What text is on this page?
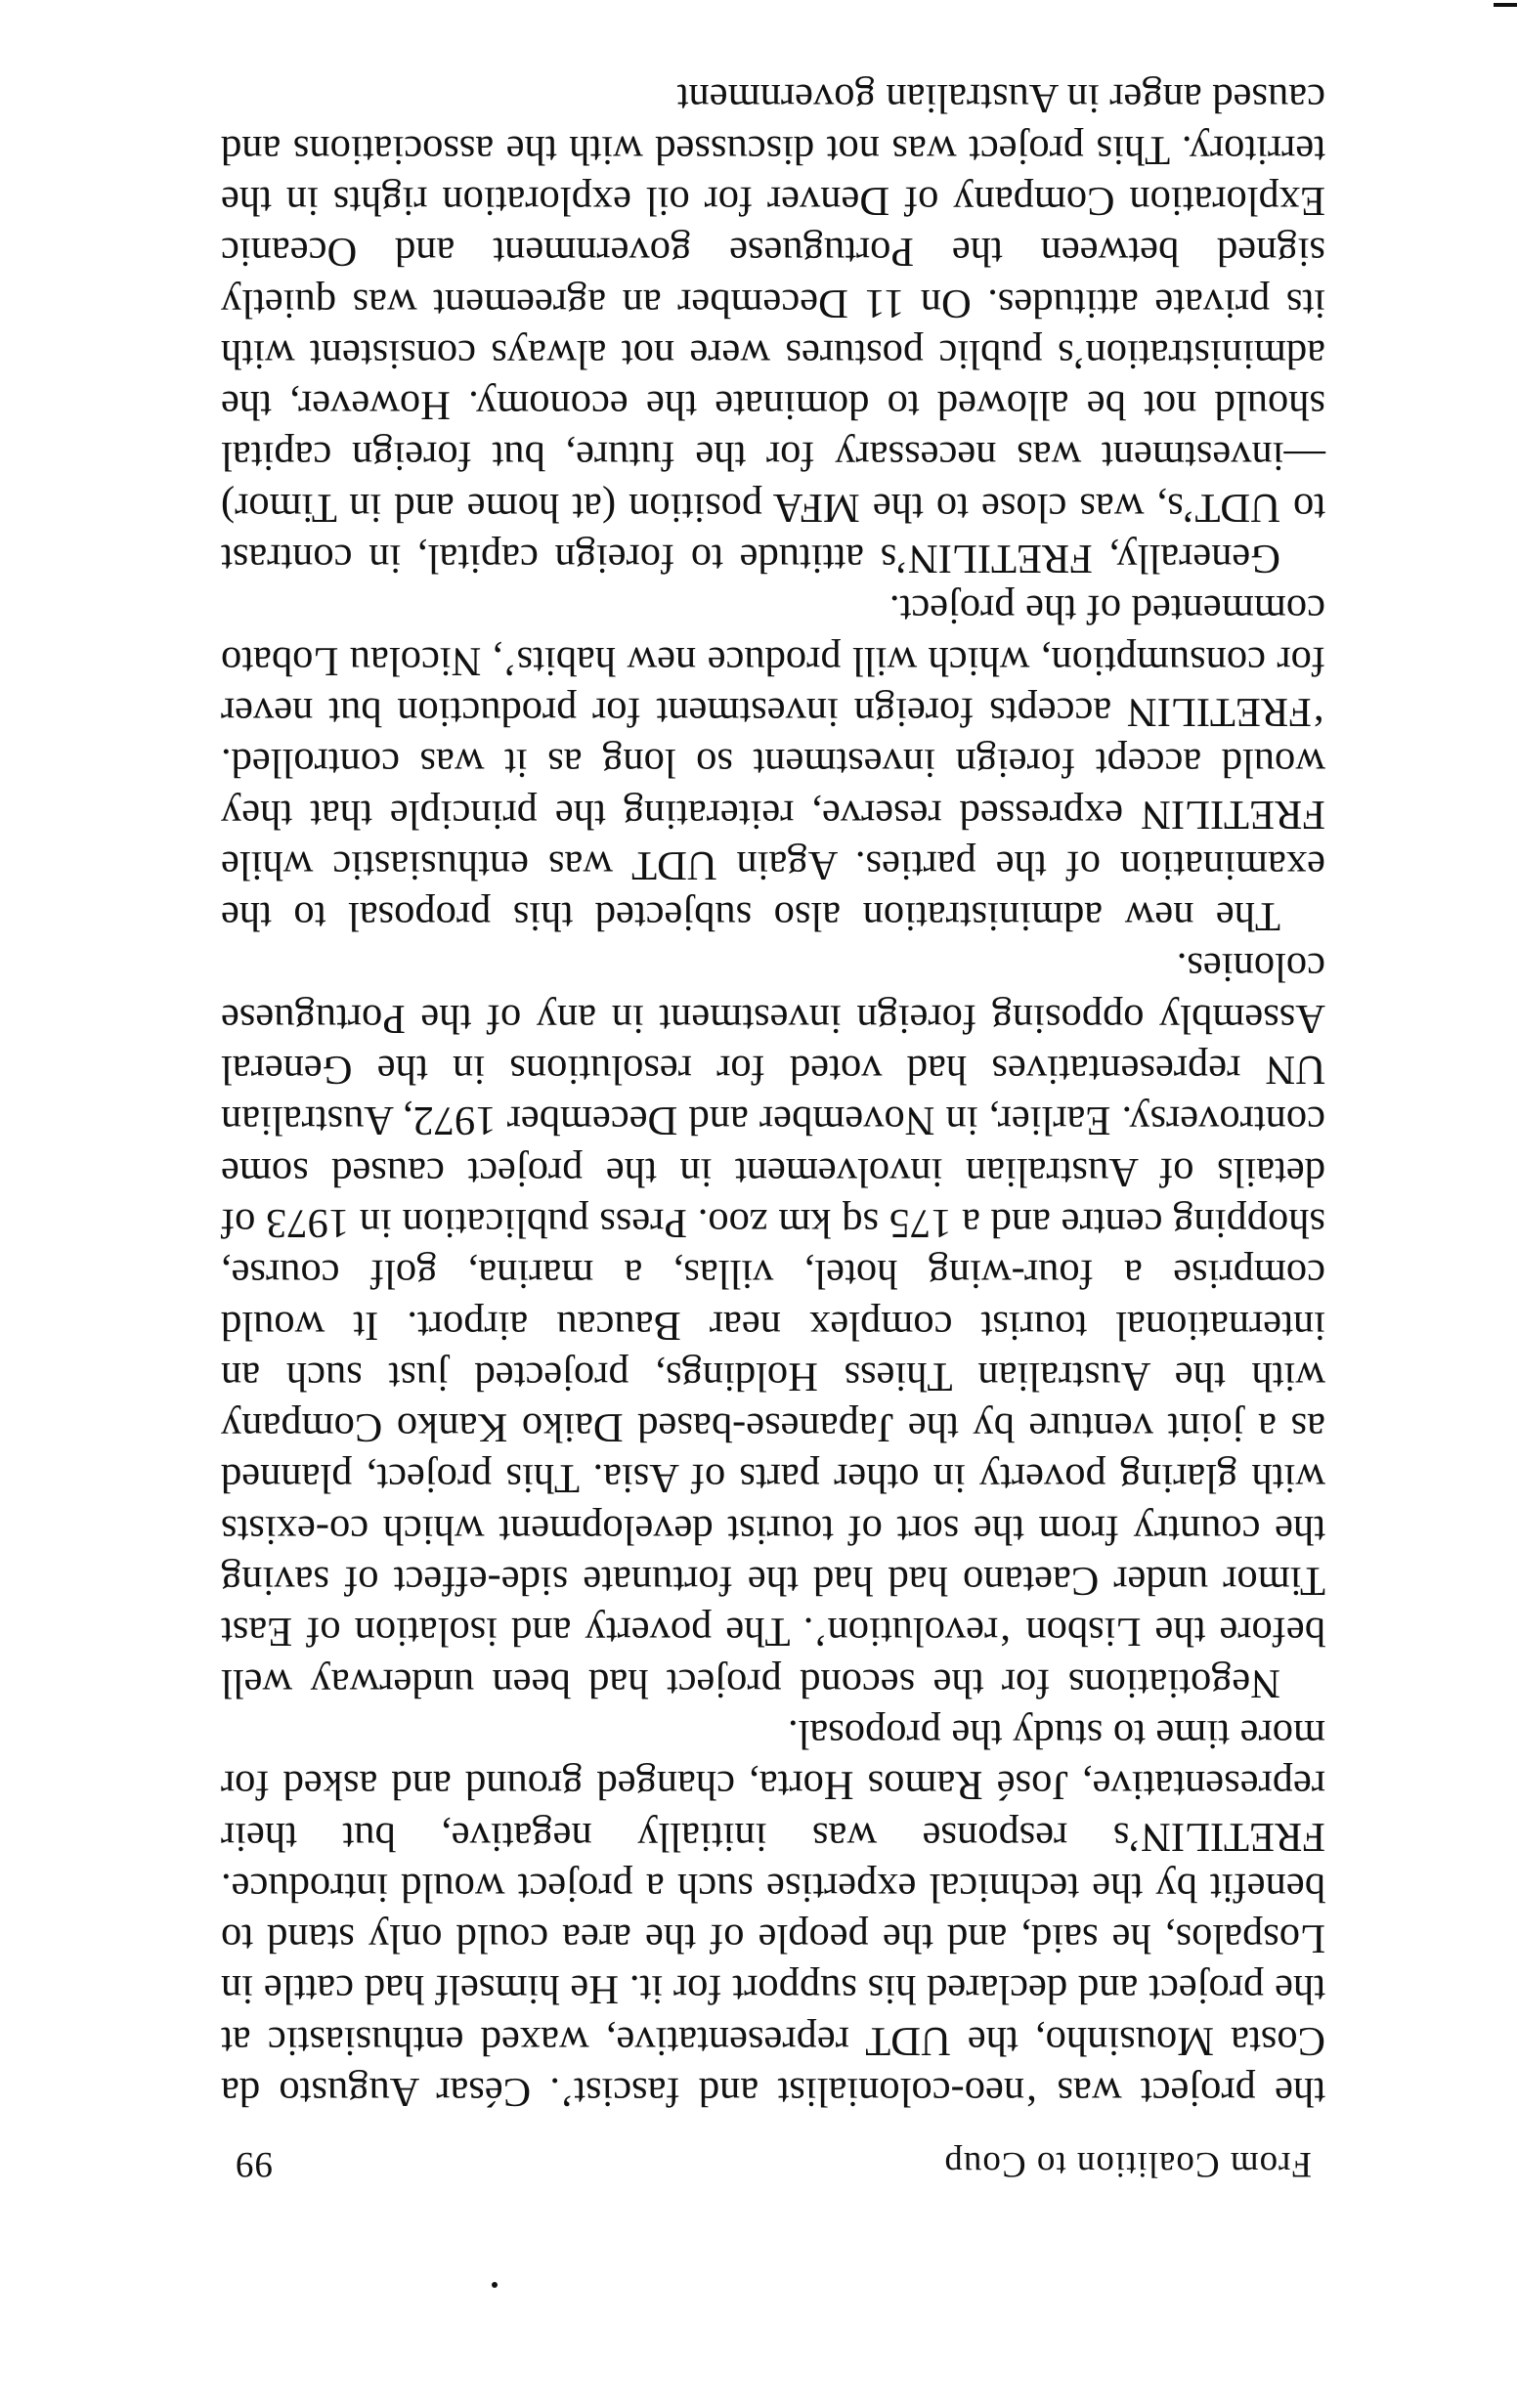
From Coalition to Coup
99

the project was ‘neo-colonialist and fascist’. César Augusto da Costa Mousinho, the UDT representative, waxed enthusiastic at the project and declared his support for it. He himself had cattle in Lospalos, he said, and the people of the area could only stand to benefit by the technical expertise such a project would introduce. FRETILIN’s response was initially negative, but their representative, José Ramos Horta, changed ground and asked for more time to study the proposal.

Negotiations for the second project had been underway well before the Lisbon ‘revolution’. The poverty and isolation of East Timor under Caetano had had the fortunate side-effect of saving the country from the sort of tourist development which co-exists with glaring poverty in other parts of Asia. This project, planned as a joint venture by the Japanese-based Daiko Kanko Company with the Australian Thiess Holdings, projected just such an international tourist complex near Baucau airport. It would comprise a four-wing hotel, villas, a marina, golf course, shopping centre and a 175 sq km zoo. Press publication in 1973 of details of Australian involvement in the project caused some controversy. Earlier, in November and December 1972, Australian UN representatives had voted for resolutions in the General Assembly opposing foreign investment in any of the Portuguese colonies.

The new administration also subjected this proposal to the examination of the parties. Again UDT was enthusiastic while FRETILIN expressed reserve, reiterating the principle that they would accept foreign investment so long as it was controlled. ‘FRETILIN accepts foreign investment for production but never for consumption, which will produce new habits’, Nicolau Lobato commented of the project.

Generally, FRETILIN’s attitude to foreign capital, in contrast to UDT’s, was close to the MFA position (at home and in Timor)—investment was necessary for the future, but foreign capital should not be allowed to dominate the economy. However, the administration’s public postures were not always consistent with its private attitudes. On 11 December an agreement was quietly signed between the Portuguese government and Oceanic Exploration Company of Denver for oil exploration rights in the territory. This project was not discussed with the associations and caused anger in Australian government
